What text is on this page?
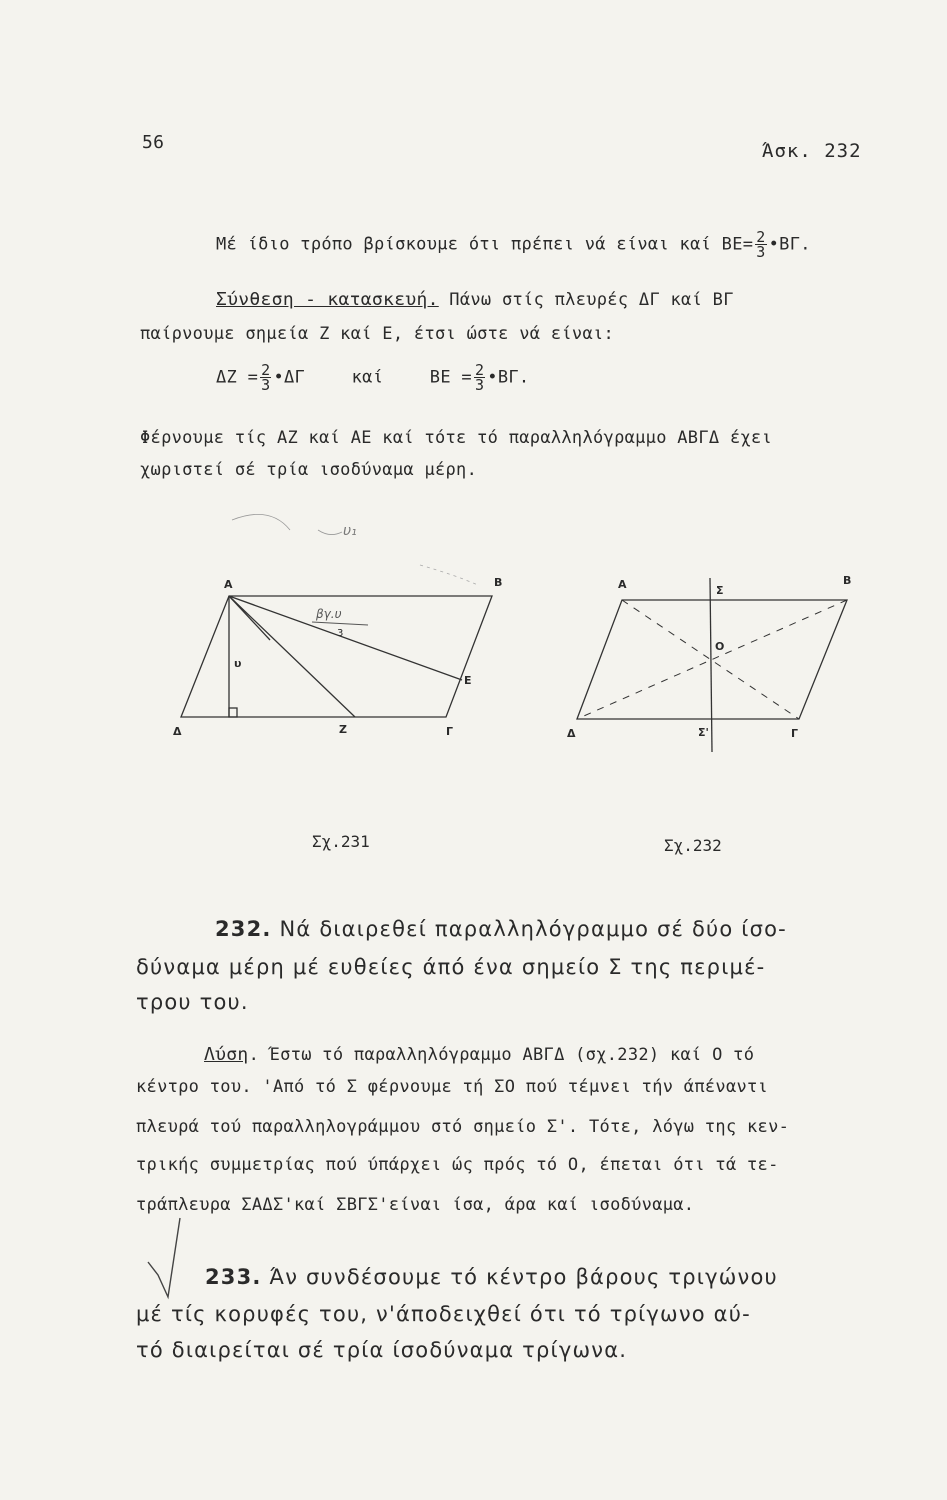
56	Άσκ. 232
Μέ ίδιο τρόπο βρίσκουμε ότι πρέπει νά είναι καί $BE= \frac{2}{3}$ •ΒΓ.
Σύνθεση - κατασκευή. Πάνω στίς πλευρές ΔΓ καί ΒΓ
παίρνουμε σημεία Ζ καί Ε, έτσι ώστε νά είναι:
$\Delta Z = \frac{2}{3}$ •ΔΓ	καί	$BE = \frac{2}{3}$ •ΒΓ.
Φέρνουμε τίς ΑΖ καί ΑΕ καί τότε τό παραλληλόγραμμο ΑΒΓΔ έχει
χωριστεί σέ τρία ισοδύναμα μέρη.
A	B
Δ	Γ
Z
E
υ
βγ.υ
3
υ₁
A	B
Δ	Γ
Σ
Σ'
O
Σχ.231	Σχ.232
232. Νά διαιρεθεί παραλληλόγραμμο σέ δύο ίσο-
δύναμα μέρη μέ ευθείες άπό ένα σημείο Σ της περιμέ-
τρου του.
Λύση. Έστω τό παραλληλόγραμμο ΑΒΓΔ (σχ.232) καί Ο τό
κέντρο του. 'Από τό Σ φέρνουμε τή ΣΟ πού τέμνει τήν άπέναντι
πλευρά τού παραλληλογράμμου στό σημείο Σ'. Τότε, λόγω της κεν-
τρικής συμμετρίας πού ύπάρχει ώς πρός τό Ο, έπεται ότι τά τε-
τράπλευρα ΣΑΔΣ'καί ΣΒΓΣ'είναι ίσα, άρα καί ισοδύναμα.
233. Άν συνδέσουμε τό κέντρο βάρους τριγώνου
μέ τίς κορυφές του, ν'άποδειχθεί ότι τό τρίγωνο αύ-
τό διαιρείται σέ τρία ίσοδύναμα τρίγωνα.
